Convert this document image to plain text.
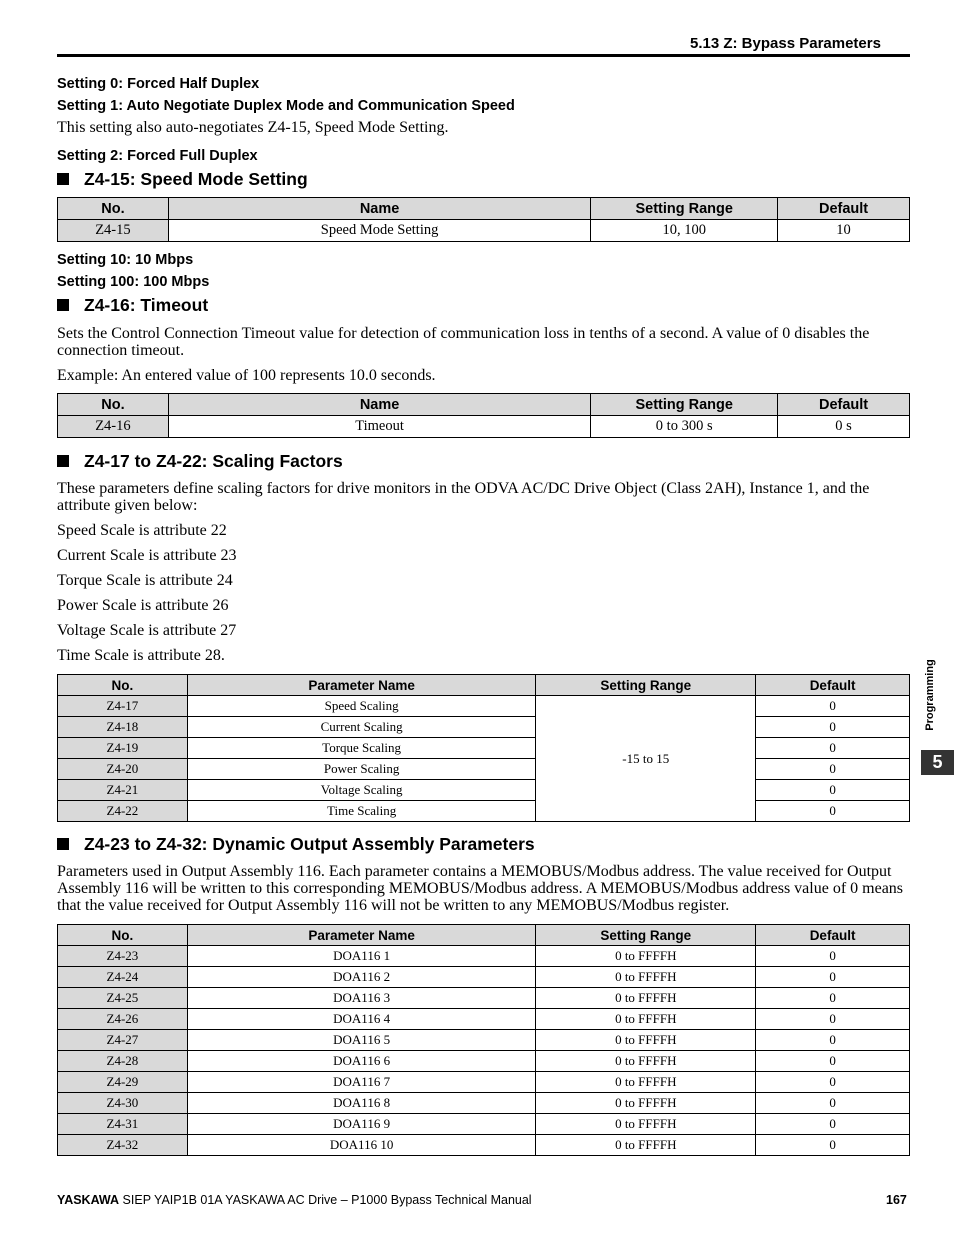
5.13 Z: Bypass Parameters
Setting 0: Forced Half Duplex
Setting 1: Auto Negotiate Duplex Mode and Communication Speed
This setting also auto-negotiates Z4-15, Speed Mode Setting.
Setting 2: Forced Full Duplex
Z4-15: Speed Mode Setting
No.	Name	Setting Range	Default
Z4-15	Speed Mode Setting	10, 100	10
Setting 10: 10 Mbps
Setting 100: 100 Mbps
Z4-16: Timeout
Sets the Control Connection Timeout value for detection of communication loss in tenths of a second. A value of 0 disables the connection timeout.
Example: An entered value of 100 represents 10.0 seconds.
No.	Name	Setting Range	Default
Z4-16	Timeout	0 to 300 s	0 s
Z4-17 to Z4-22: Scaling Factors
These parameters define scaling factors for drive monitors in the ODVA AC/DC Drive Object (Class 2AH), Instance 1, and the attribute given below:
Speed Scale is attribute 22
Current Scale is attribute 23
Torque Scale is attribute 24
Power Scale is attribute 26
Voltage Scale is attribute 27
Time Scale is attribute 28.
No.	Parameter Name	Setting Range	Default
Z4-17	Speed Scaling	-15 to 15	0
Z4-18	Current Scaling		0
Z4-19	Torque Scaling		0
Z4-20	Power Scaling		0
Z4-21	Voltage Scaling		0
Z4-22	Time Scaling		0
Z4-23 to Z4-32: Dynamic Output Assembly Parameters
Parameters used in Output Assembly 116. Each parameter contains a MEMOBUS/Modbus address. The value received for Output Assembly 116 will be written to this corresponding MEMOBUS/Modbus address. A MEMOBUS/Modbus address value of 0 means that the value received for Output Assembly 116 will not be written to any MEMOBUS/Modbus register.
No.	Parameter Name	Setting Range	Default
Z4-23	DOA116 1	0 to FFFFH	0
Z4-24	DOA116 2	0 to FFFFH	0
Z4-25	DOA116 3	0 to FFFFH	0
Z4-26	DOA116 4	0 to FFFFH	0
Z4-27	DOA116 5	0 to FFFFH	0
Z4-28	DOA116 6	0 to FFFFH	0
Z4-29	DOA116 7	0 to FFFFH	0
Z4-30	DOA116 8	0 to FFFFH	0
Z4-31	DOA116 9	0 to FFFFH	0
Z4-32	DOA116 10	0 to FFFFH	0
Programming
5
YASKAWA SIEP YAIP1B 01A YASKAWA AC Drive – P1000 Bypass Technical Manual	167
